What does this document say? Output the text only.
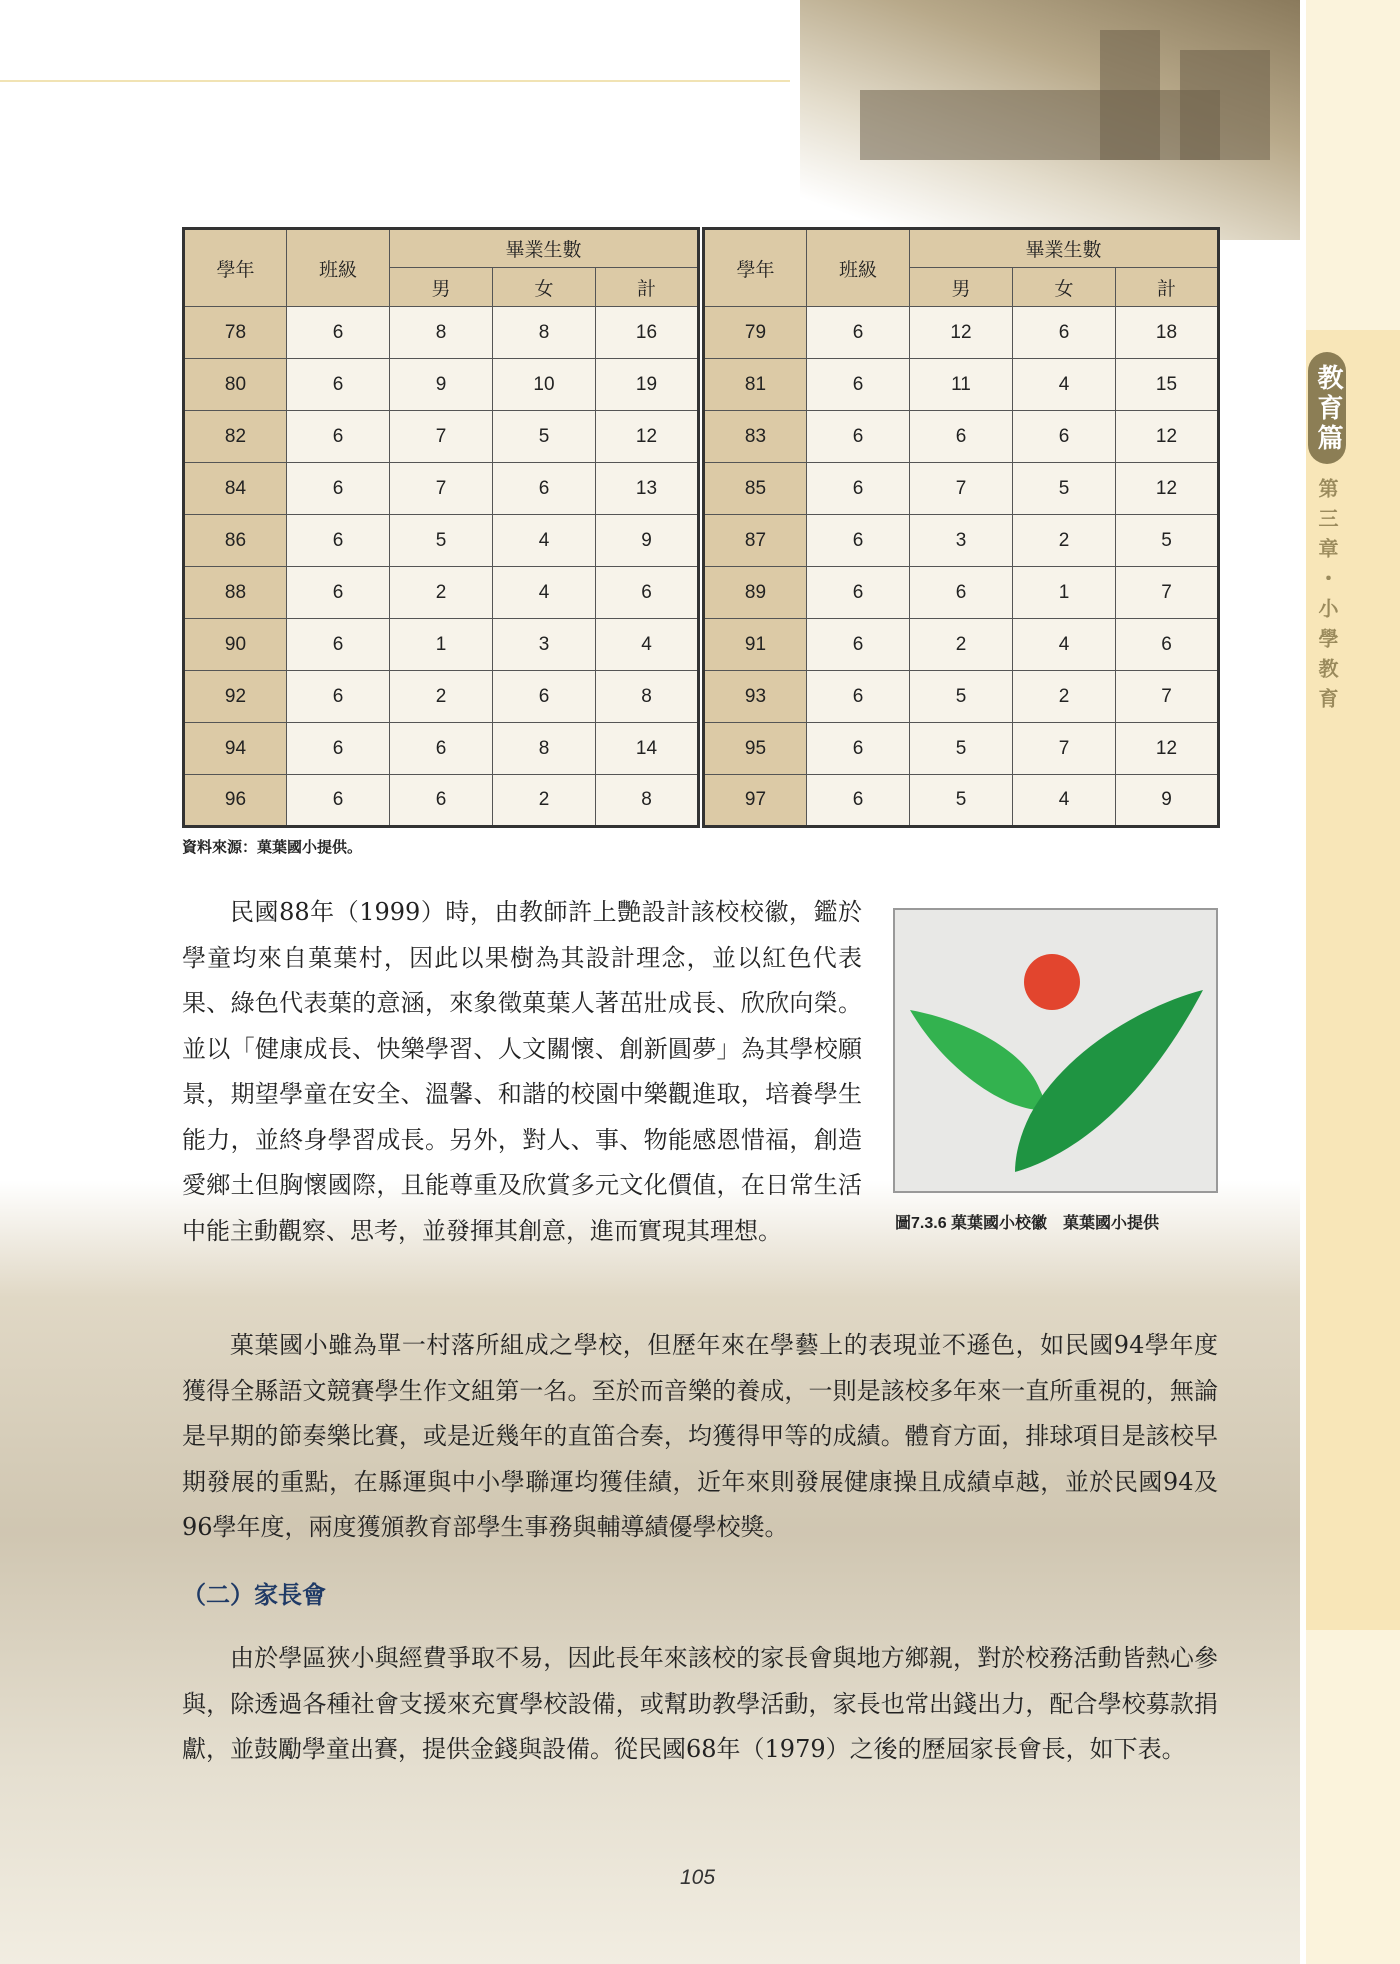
教育篇
第三章・小學教育
學年	班級	畢業生數		
		男	女	計
78	6	8	8	16
80	6	9	10	19
82	6	7	5	12
84	6	7	6	13
86	6	5	4	9
88	6	2	4	6
90	6	1	3	4
92	6	2	6	8
94	6	6	8	14
96	6	6	2	8
學年	班級	畢業生數		
		男	女	計
79	6	12	6	18
81	6	11	4	15
83	6	6	6	12
85	6	7	5	12
87	6	3	2	5
89	6	6	1	7
91	6	2	4	6
93	6	5	2	7
95	6	5	7	12
97	6	5	4	9
資料來源：菓葉國小提供。
民國88年（1999）時，由教師許上艷設計該校校徽，鑑於學童均來自菓葉村，因此以果樹為其設計理念，並以紅色代表果、綠色代表葉的意涵，來象徵菓葉人著茁壯成長、欣欣向榮。並以「健康成長、快樂學習、人文關懷、創新圓夢」為其學校願景，期望學童在安全、溫馨、和諧的校園中樂觀進取，培養學生能力，並終身學習成長。另外，對人、事、物能感恩惜福，創造愛鄉土但胸懷國際，且能尊重及欣賞多元文化價值，在日常生活中能主動觀察、思考，並發揮其創意，進而實現其理想。	圖7.3.6 菓葉國小校徽　菓葉國小提供
菓葉國小雖為單一村落所組成之學校，但歷年來在學藝上的表現並不遜色，如民國94學年度獲得全縣語文競賽學生作文組第一名。至於而音樂的養成，一則是該校多年來一直所重視的，無論是早期的節奏樂比賽，或是近幾年的直笛合奏，均獲得甲等的成績。體育方面，排球項目是該校早期發展的重點，在縣運與中小學聯運均獲佳績，近年來則發展健康操且成績卓越，並於民國94及96學年度，兩度獲頒教育部學生事務與輔導績優學校獎。
（二）家長會
由於學區狹小與經費爭取不易，因此長年來該校的家長會與地方鄉親，對於校務活動皆熱心參與，除透過各種社會支援來充實學校設備，或幫助教學活動，家長也常出錢出力，配合學校募款捐獻，並鼓勵學童出賽，提供金錢與設備。從民國68年（1979）之後的歷屆家長會長，如下表。
105
